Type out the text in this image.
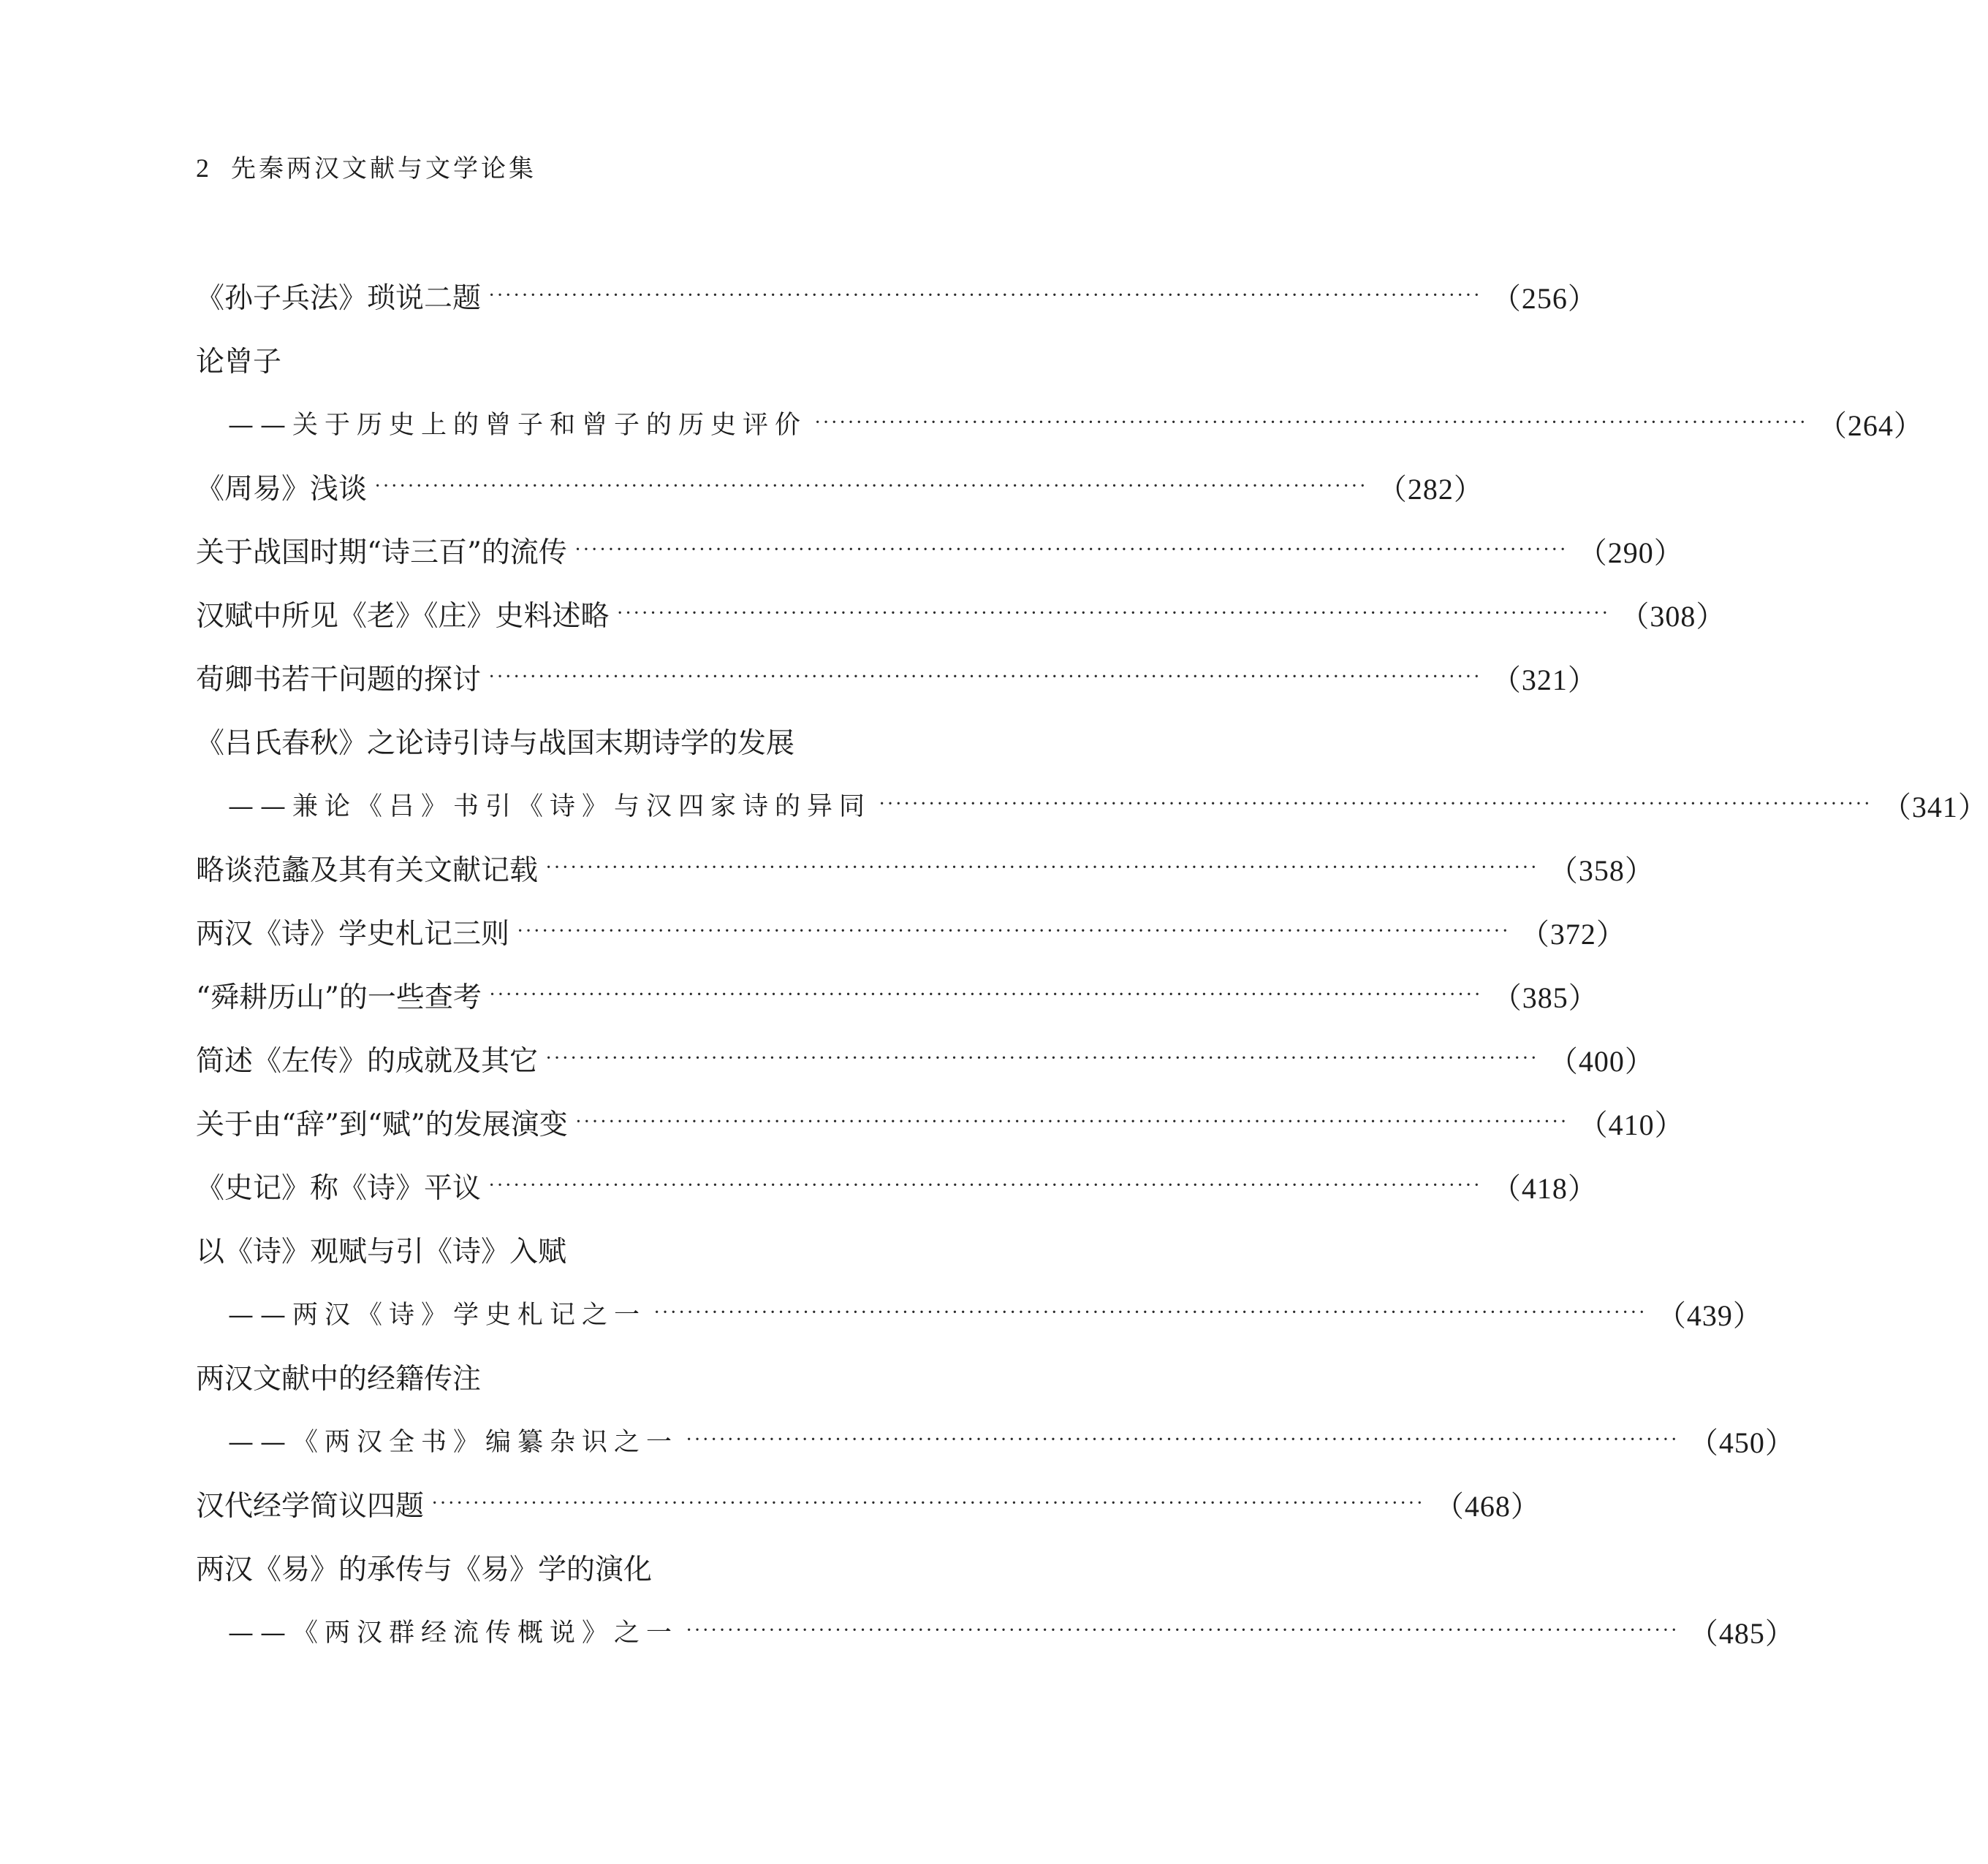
2 先秦两汉文献与文学论集
《孙子兵法》琐说二题 ························································································································ （256）
论曾子
——关于历史上的曾子和曾子的历史评价 ························································································································ （264）
《周易》浅谈 ························································································································ （282）
关于战国时期“诗三百”的流传 ························································································································ （290）
汉赋中所见《老》《庄》史料述略 ························································································································ （308）
荀卿书若干问题的探讨 ························································································································ （321）
《吕氏春秋》之论诗引诗与战国末期诗学的发展
——兼论《吕》书引《诗》与汉四家诗的异同 ························································································································ （341）
略谈范蠡及其有关文献记载 ························································································································ （358）
两汉《诗》学史札记三则 ························································································································ （372）
“舜耕历山”的一些查考 ························································································································ （385）
简述《左传》的成就及其它 ························································································································ （400）
关于由“辞”到“赋”的发展演变 ························································································································ （410）
《史记》称《诗》平议 ························································································································ （418）
以《诗》观赋与引《诗》入赋
——两汉《诗》学史札记之一 ························································································································ （439）
两汉文献中的经籍传注
——《两汉全书》编纂杂识之一 ························································································································ （450）
汉代经学简议四题 ························································································································ （468）
两汉《易》的承传与《易》学的演化
——《两汉群经流传概说》之一 ························································································································ （485）
